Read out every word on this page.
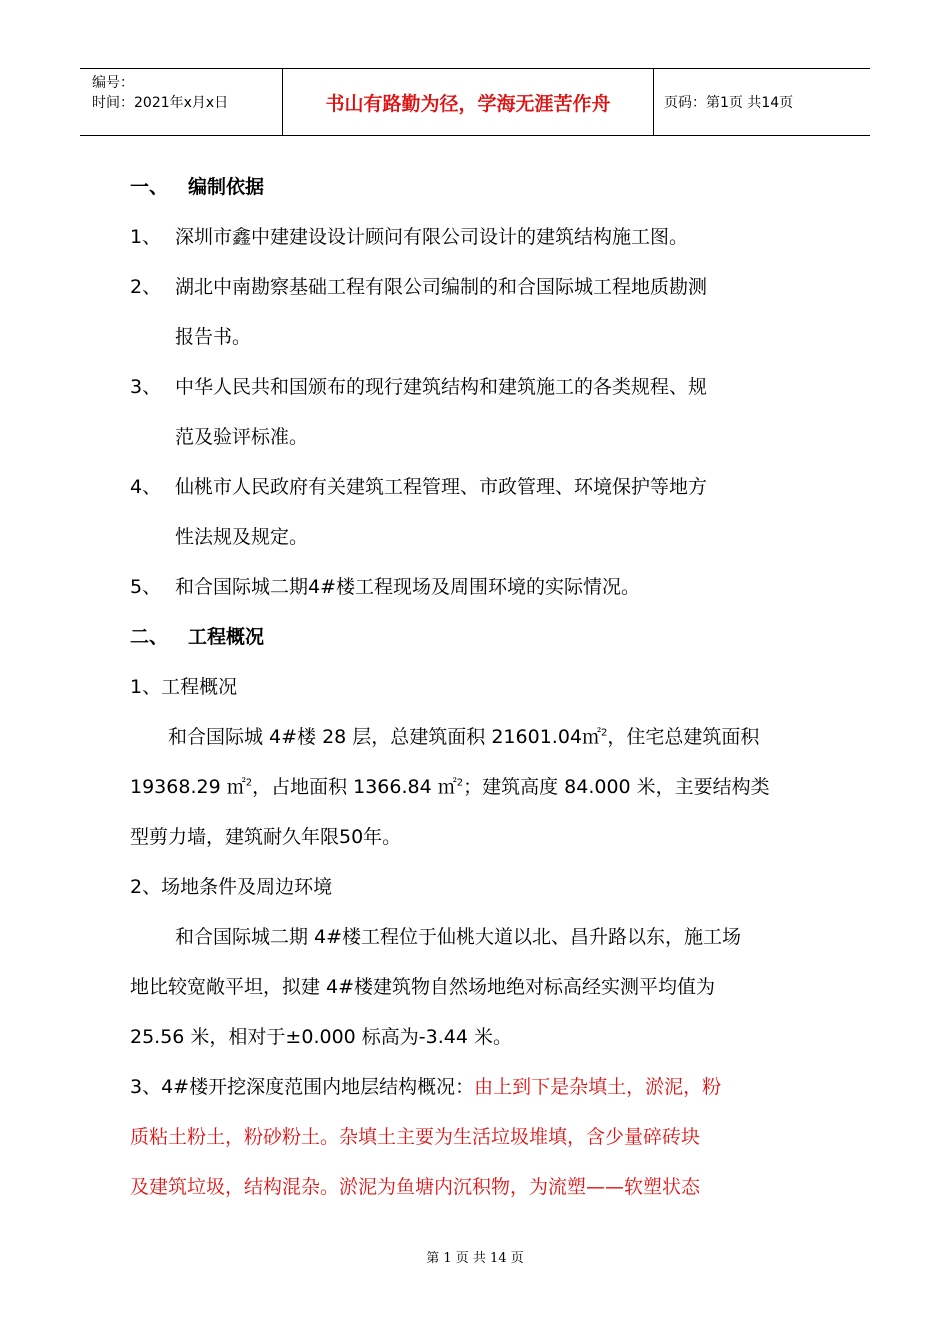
编号：
时间：2021年x月x日	书山有路勤为径，学海无涯苦作舟	页码：第1页 共14页
一、 编制依据
1、 深圳市鑫中建建设设计顾问有限公司设计的建筑结构施工图。
2、 湖北中南勘察基础工程有限公司编制的和合国际城工程地质勘测
报告书。
3、 中华人民共和国颁布的现行建筑结构和建筑施工的各类规程、规
范及验评标准。
4、 仙桃市人民政府有关建筑工程管理、市政管理、环境保护等地方
性法规及规定。
5、 和合国际城二期4#楼工程现场及周围环境的实际情况。
二、 工程概况
1、工程概况
和合国际城 4#楼 28 层，总建筑面积 21601.04㎡$^2$，住宅总建筑面积
19368.29 ㎡$^2$，占地面积 1366.84 ㎡$^2$；建筑高度 84.000 米，主要结构类
型剪力墙，建筑耐久年限50年。
2、场地条件及周边环境
和合国际城二期 4#楼工程位于仙桃大道以北、昌升路以东，施工场
地比较宽敞平坦，拟建 4#楼建筑物自然场地绝对标高经实测平均值为
25.56 米，相对于±0.000 标高为-3.44 米。
3、4#楼开挖深度范围内地层结构概况：由上到下是杂填土，淤泥，粉
质粘土粉土，粉砂粉土。杂填土主要为生活垃圾堆填，含少量碎砖块
及建筑垃圾，结构混杂。淤泥为鱼塘内沉积物，为流塑——软塑状态
第 1 页 共 14 页
